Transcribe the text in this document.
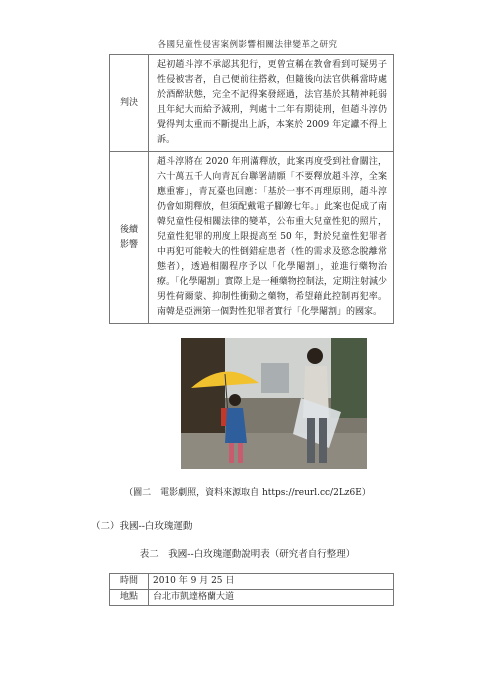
各國兒童性侵害案例影響相關法律變革之研究
判決	起初趙斗淳不承認其犯行，更曾宣稱在教會看到可疑男子性侵被害者，自己便前往搭救，但隨後向法官供稱當時處於酒醉狀態，完全不記得案發經過，法官基於其精神耗弱且年紀大而給予減刑，判處十二年有期徒刑，但趙斗淳仍覺得判太重而不斷提出上訴，本案於 2009 年定讞不得上訴。
後續
影響	趙斗淳將在 2020 年刑滿釋放，此案再度受到社會關注，六十萬五千人向青瓦台聯署請願「不要釋放趙斗淳，全案應重審」，青瓦臺也回應：「基於一事不再理原則，趙斗淳仍會如期釋放，但須配戴電子腳鐐七年。」此案也促成了南韓兒童性侵相關法律的變革，公布重大兒童性犯的照片，兒童性犯罪的刑度上限提高至 50 年，對於兒童性犯罪者中再犯可能較大的性倒錯症患者（性的需求及慾念脫離常態者），透過相關程序予以「化學閹割」，並進行藥物治療。「化學閹割」實際上是一種藥物控制法，定期注射減少男性荷爾蒙、抑制性衝動之藥物，希望藉此控制再犯率。南韓是亞洲第一個對性犯罪者實行「化學閹割」的國家。
（圖二　電影劇照，資料來源取自 https://reurl.cc/2Lz6E）
（二）我國--白玫瑰運動
表二　我國--白玫瑰運動說明表（研究者自行整理）
時間	2010 年 9 月 25 日
地點	台北市凱達格蘭大道
